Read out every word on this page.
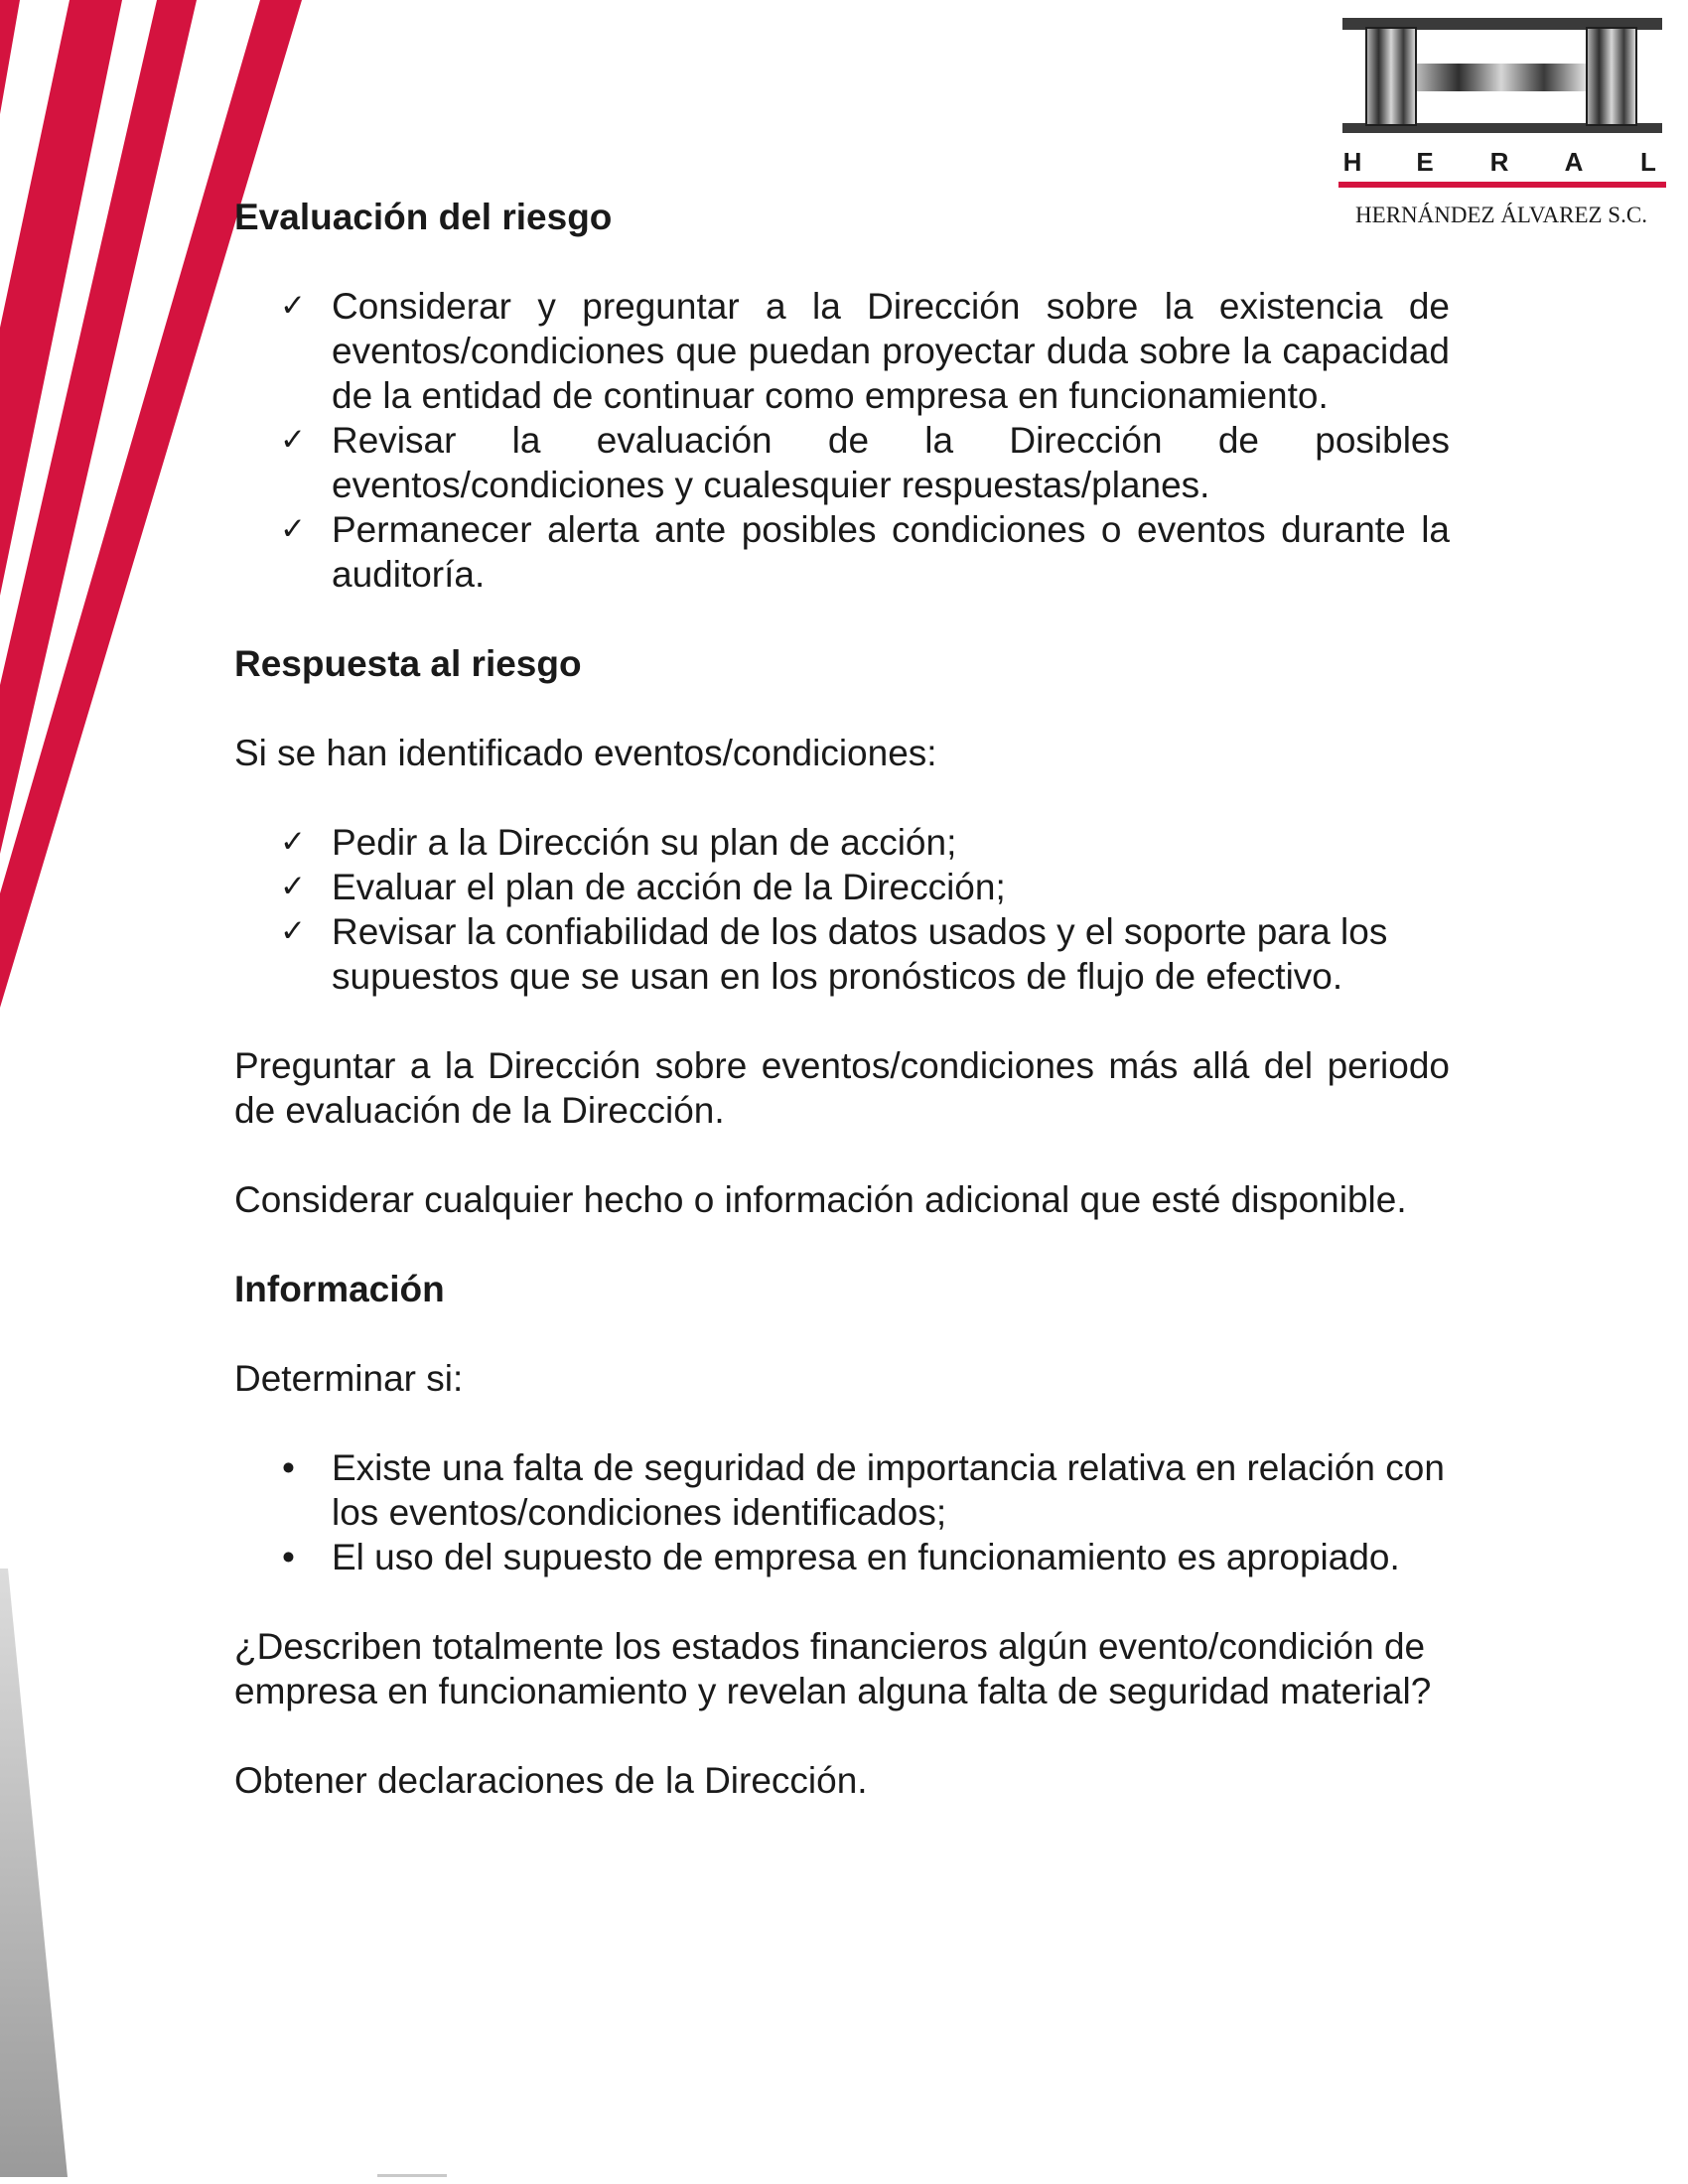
H E R A L
HERNÁNDEZ ÁLVAREZ S.C.
Evaluación del riesgo
✓ Considerar y preguntar a la Dirección sobre la existencia de eventos/condiciones que puedan proyectar duda sobre la capacidad de la entidad de continuar como empresa en funcionamiento.
✓ Revisar la evaluación de la Dirección de posibles eventos/condiciones y cualesquier respuestas/planes.
✓ Permanecer alerta ante posibles condiciones o eventos durante la auditoría.
Respuesta al riesgo

Si se han identificado eventos/condiciones:

✓ Pedir a la Dirección su plan de acción;
✓ Evaluar el plan de acción de la Dirección;
✓ Revisar la confiabilidad de los datos usados y el soporte para los supuestos que se usan en los pronósticos de flujo de efectivo.

Preguntar a la Dirección sobre eventos/condiciones más allá del periodo de evaluación de la Dirección.

Considerar cualquier hecho o información adicional que esté disponible.

Información

Determinar si:

•	Existe una falta de seguridad de importancia relativa en relación con los eventos/condiciones identificados;
•	El uso del supuesto de empresa en funcionamiento es apropiado.

¿Describen totalmente los estados financieros algún evento/condición de empresa en funcionamiento y revelan alguna falta de seguridad material?

Obtener declaraciones de la Dirección.
